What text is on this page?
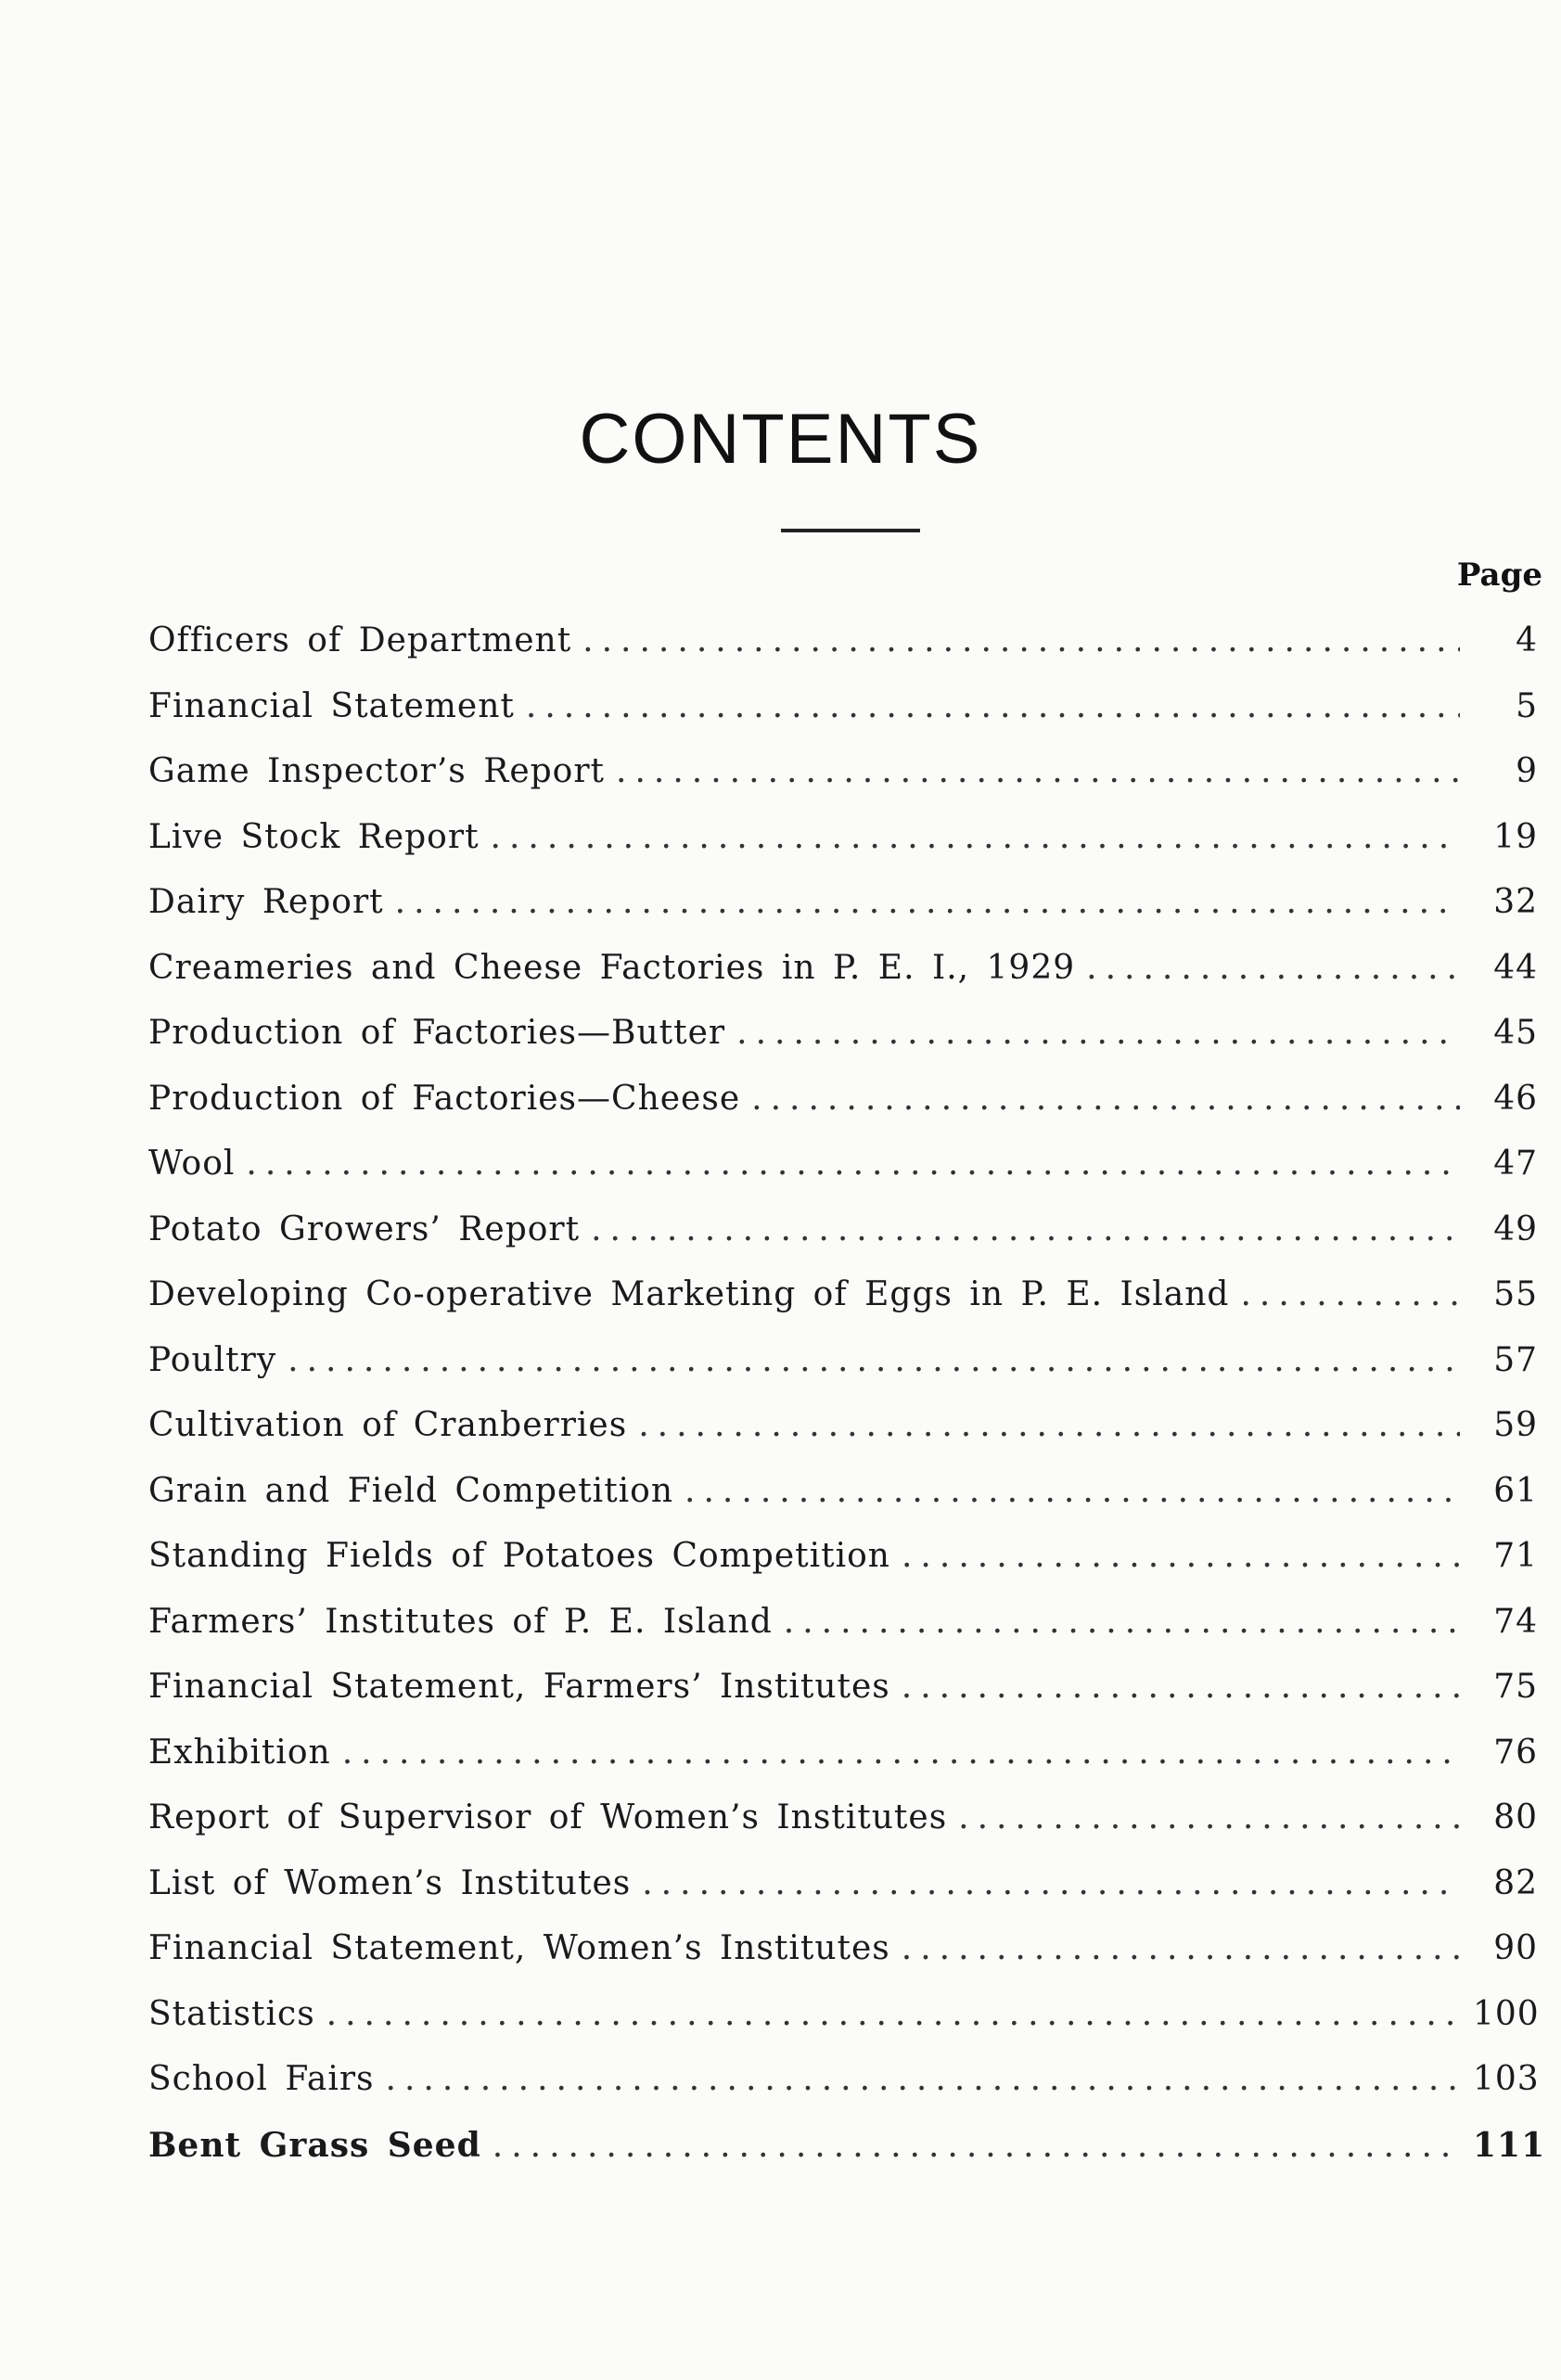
CONTENTS
Page
Officers of Department .....	4
Financial Statement .....	5
Game Inspector’s Report .....	9
Live Stock Report .....	19
Dairy Report .....	32
Creameries and Cheese Factories in P. E. I., 1929 .....	44
Production of Factories—Butter .....	45
Production of Factories—Cheese .....	46
Wool .....	47
Potato Growers’ Report .....	49
Developing Co-operative Marketing of Eggs in P. E. Island .....	55
Poultry .....	57
Cultivation of Cranberries .....	59
Grain and Field Competition .....	61
Standing Fields of Potatoes Competition .....	71
Farmers’ Institutes of P. E. Island .....	74
Financial Statement, Farmers’ Institutes .....	75
Exhibition .....	76
Report of Supervisor of Women’s Institutes .....	80
List of Women’s Institutes .....	82
Financial Statement, Women’s Institutes .....	90
Statistics .....	100
School Fairs .....	103
Bent Grass Seed .....	111
